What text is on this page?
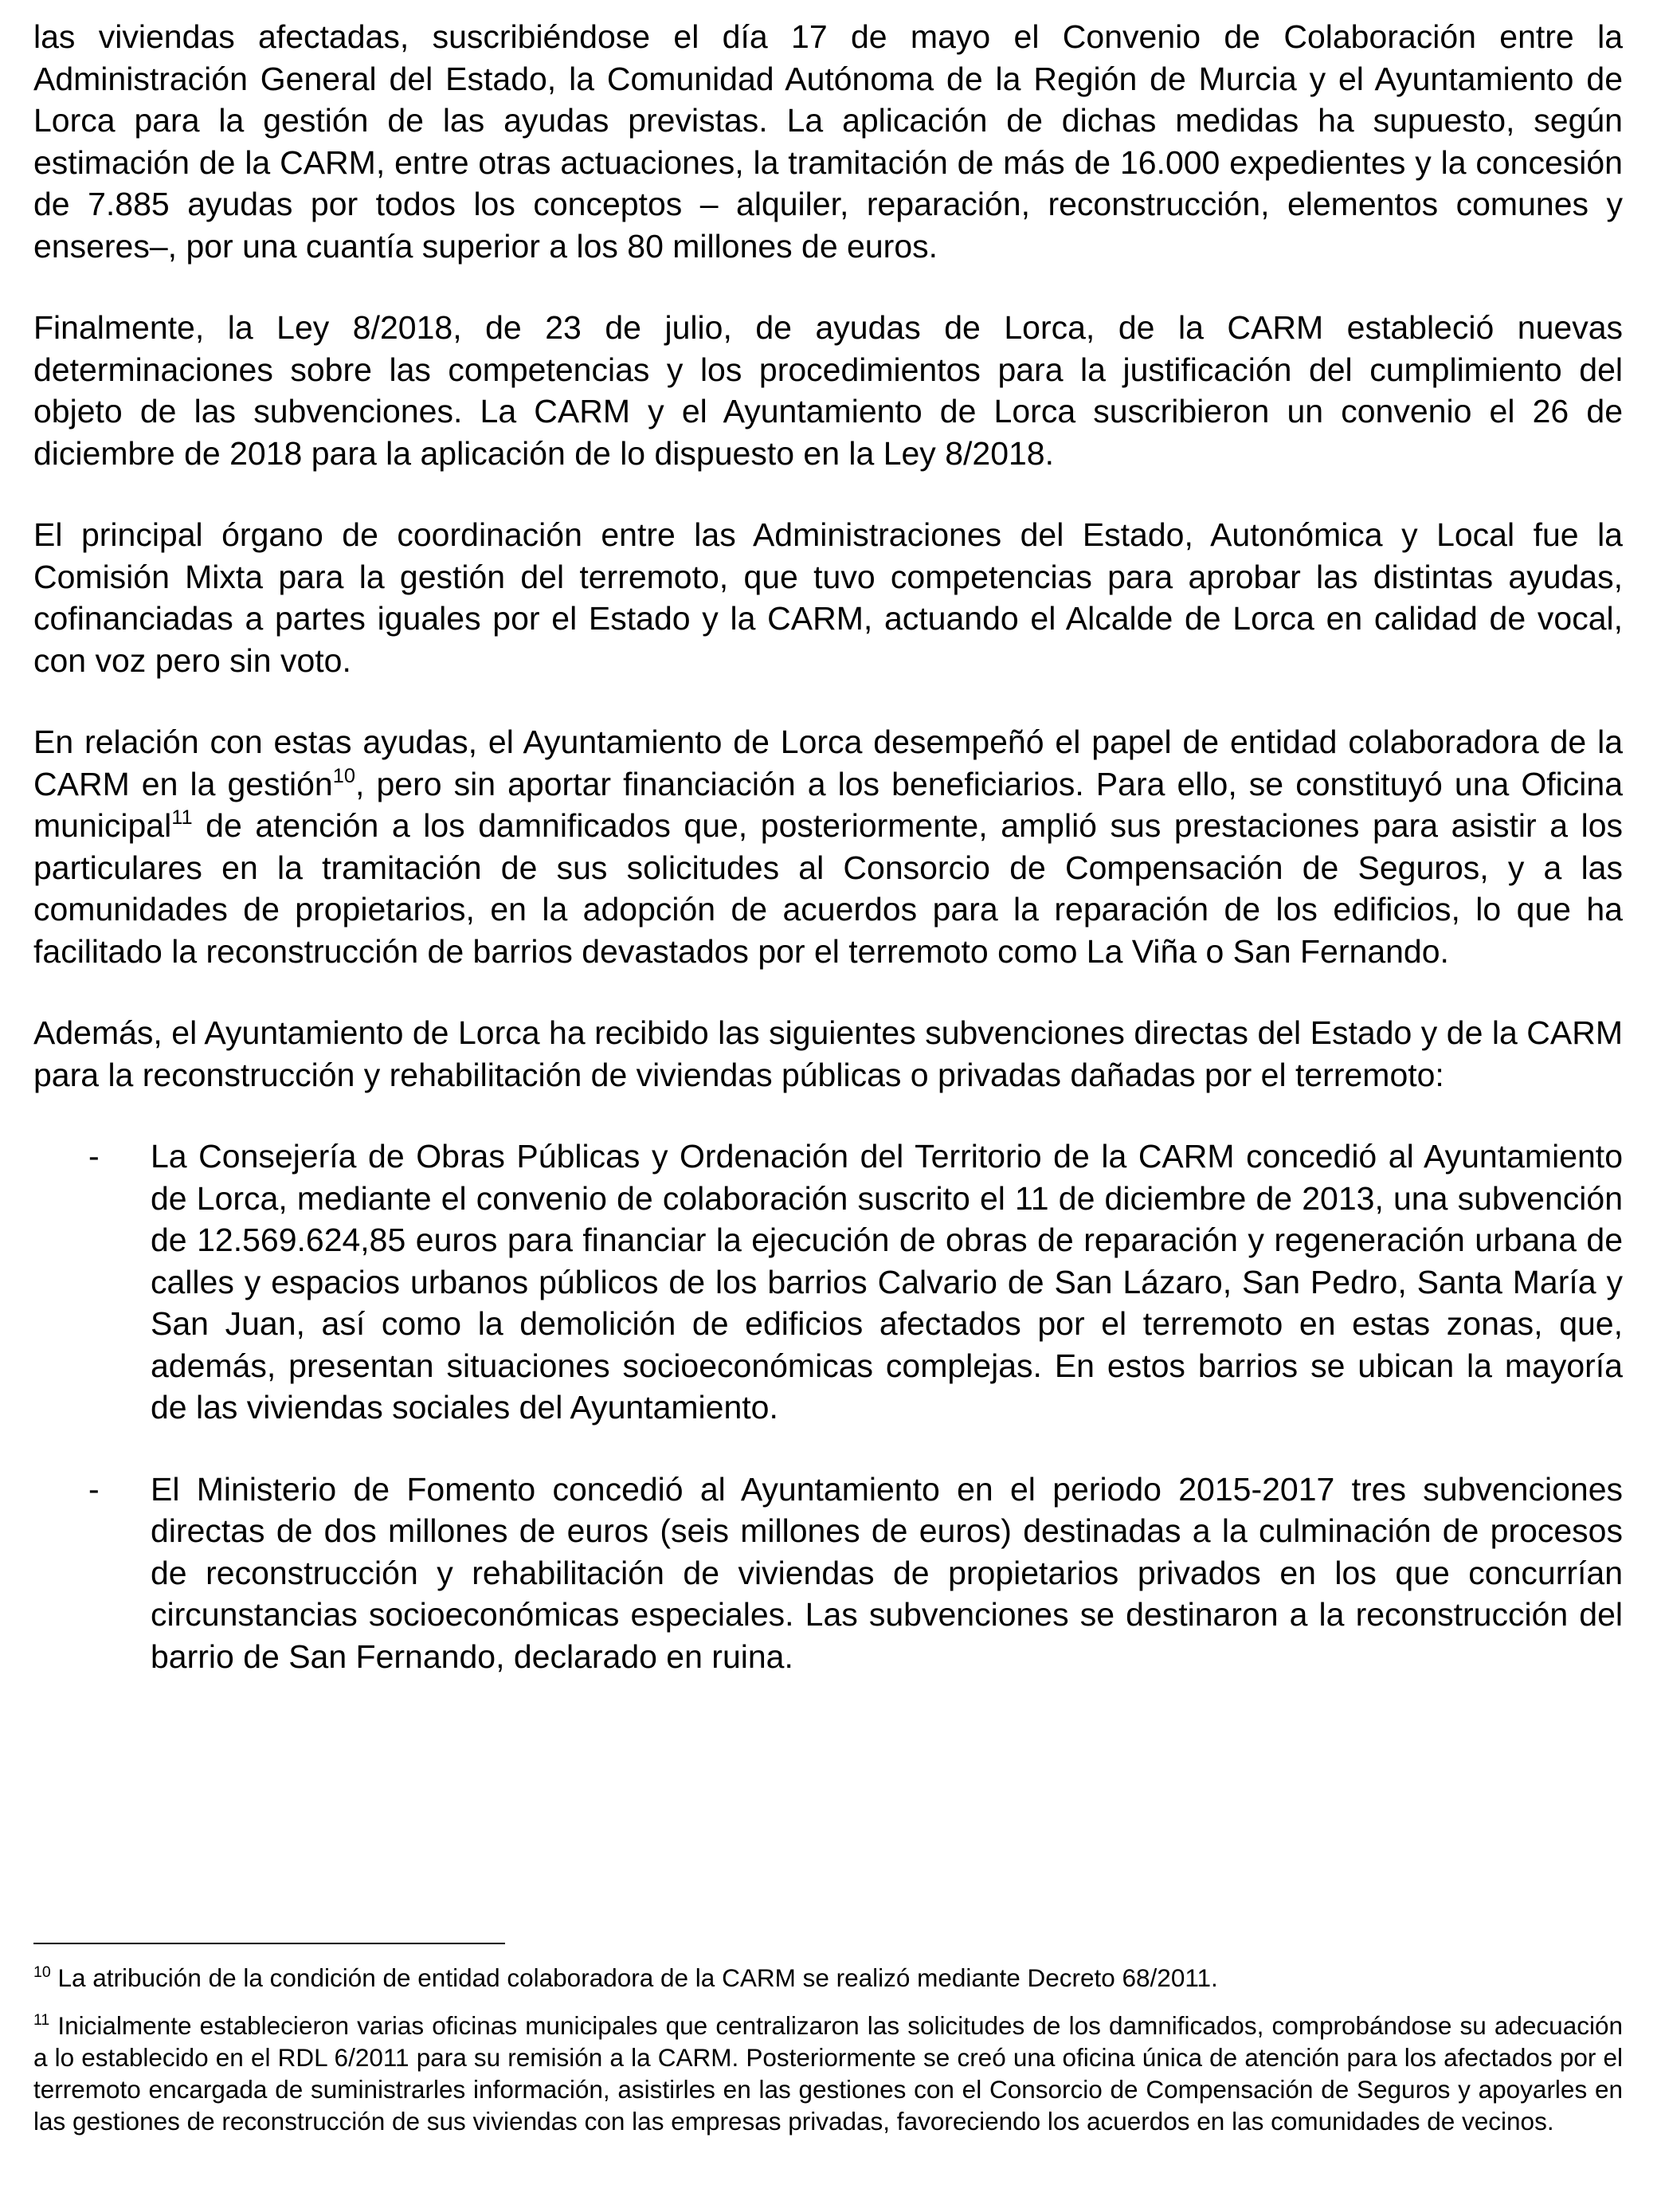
las viviendas afectadas, suscribiéndose el día 17 de mayo el Convenio de Colaboración entre la Administración General del Estado, la Comunidad Autónoma de la Región de Murcia y el Ayuntamiento de Lorca para la gestión de las ayudas previstas. La aplicación de dichas medidas ha supuesto, según estimación de la CARM, entre otras actuaciones, la tramitación de más de 16.000 expedientes y la concesión de 7.885 ayudas por todos los conceptos – alquiler, reparación, reconstrucción, elementos comunes y enseres–, por una cuantía superior a los 80 millones de euros.

Finalmente, la Ley 8/2018, de 23 de julio, de ayudas de Lorca, de la CARM estableció nuevas determinaciones sobre las competencias y los procedimientos para la justificación del cumplimiento del objeto de las subvenciones. La CARM y el Ayuntamiento de Lorca suscribieron un convenio el 26 de diciembre de 2018 para la aplicación de lo dispuesto en la Ley 8/2018.

El principal órgano de coordinación entre las Administraciones del Estado, Autonómica y Local fue la Comisión Mixta para la gestión del terremoto, que tuvo competencias para aprobar las distintas ayudas, cofinanciadas a partes iguales por el Estado y la CARM, actuando el Alcalde de Lorca en calidad de vocal, con voz pero sin voto.

En relación con estas ayudas, el Ayuntamiento de Lorca desempeñó el papel de entidad colaboradora de la CARM en la gestión$^{10}$, pero sin aportar financiación a los beneficiarios. Para ello, se constituyó una Oficina municipal$^{11}$ de atención a los damnificados que, posteriormente, amplió sus prestaciones para asistir a los particulares en la tramitación de sus solicitudes al Consorcio de Compensación de Seguros, y a las comunidades de propietarios, en la adopción de acuerdos para la reparación de los edificios, lo que ha facilitado la reconstrucción de barrios devastados por el terremoto como La Viña o San Fernando.

Además, el Ayuntamiento de Lorca ha recibido las siguientes subvenciones directas del Estado y de la CARM para la reconstrucción y rehabilitación de viviendas públicas o privadas dañadas por el terremoto:

- La Consejería de Obras Públicas y Ordenación del Territorio de la CARM concedió al Ayuntamiento de Lorca, mediante el convenio de colaboración suscrito el 11 de diciembre de 2013, una subvención de 12.569.624,85 euros para financiar la ejecución de obras de reparación y regeneración urbana de calles y espacios urbanos públicos de los barrios Calvario de San Lázaro, San Pedro, Santa María y San Juan, así como la demolición de edificios afectados por el terremoto en estas zonas, que, además, presentan situaciones socioeconómicas complejas. En estos barrios se ubican la mayoría de las viviendas sociales del Ayuntamiento.
- El Ministerio de Fomento concedió al Ayuntamiento en el periodo 2015-2017 tres subvenciones directas de dos millones de euros (seis millones de euros) destinadas a la culminación de procesos de reconstrucción y rehabilitación de viviendas de propietarios privados en los que concurrían circunstancias socioeconómicas especiales. Las subvenciones se destinaron a la reconstrucción del barrio de San Fernando, declarado en ruina.

$^{10}$ La atribución de la condición de entidad colaboradora de la CARM se realizó mediante Decreto 68/2011.

$^{11}$ Inicialmente establecieron varias oficinas municipales que centralizaron las solicitudes de los damnificados, comprobándose su adecuación a lo establecido en el RDL 6/2011 para su remisión a la CARM. Posteriormente se creó una oficina única de atención para los afectados por el terremoto encargada de suministrarles información, asistirles en las gestiones con el Consorcio de Compensación de Seguros y apoyarles en las gestiones de reconstrucción de sus viviendas con las empresas privadas, favoreciendo los acuerdos en las comunidades de vecinos.
